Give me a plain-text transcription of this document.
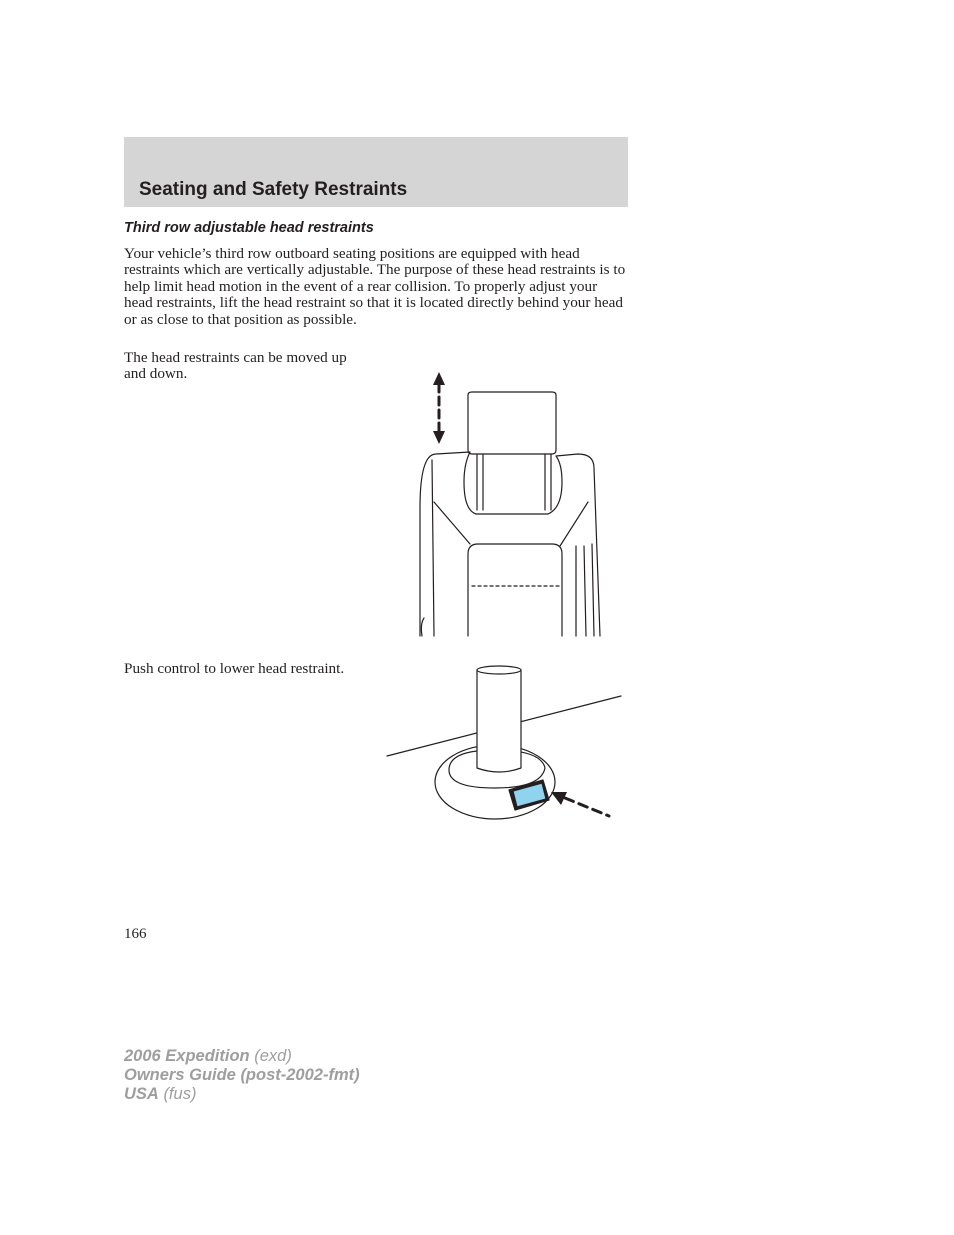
Seating and Safety Restraints
Third row adjustable head restraints

Your vehicle’s third row outboard seating positions are equipped with head restraints which are vertically adjustable. The purpose of these head restraints is to help limit head motion in the event of a rear collision. To properly adjust your head restraints, lift the head restraint so that it is located directly behind your head or as close to that position as possible.

The head restraints can be moved up and down.

Push control to lower head restraint.

166

2006 Expedition (exd)
Owners Guide (post-2002-fmt)
USA (fus)
